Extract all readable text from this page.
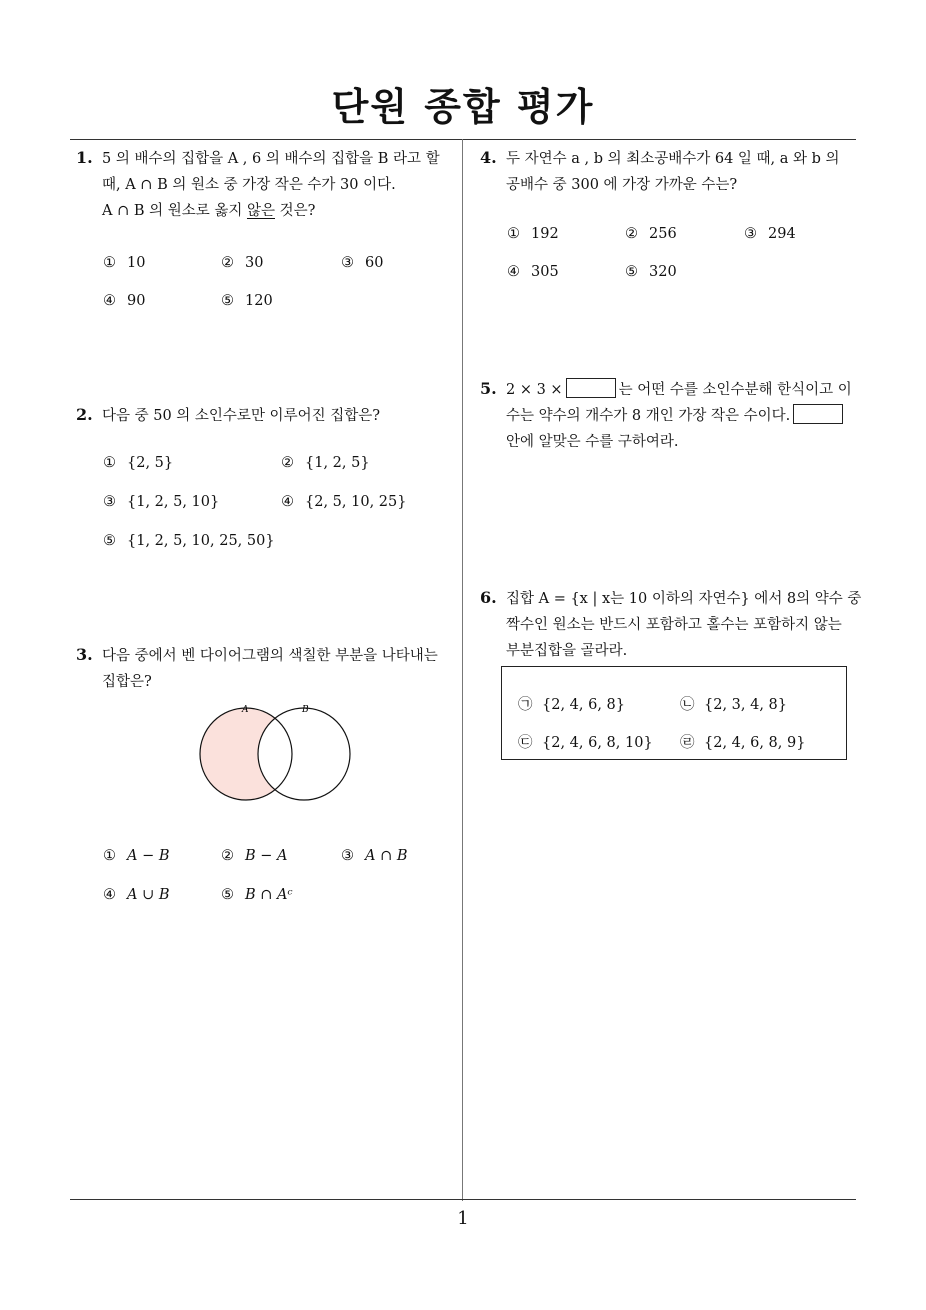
단원 종합 평가
1
1. 5 의 배수의 집합을 A , 6 의 배수의 집합을 B 라고 할
때, A ∩ B 의 원소 중 가장 작은 수가 30 이다.
A ∩ B 의 원소로 옳지 않은 것은?
① 10	② 30	③ 60
④ 90	⑤ 120
2. 다음 중 50 의 소인수로만 이루어진 집합은?
① {2, 5}	② {1, 2, 5}
③ {1, 2, 5, 10}	④ {2, 5, 10, 25}
⑤ {1, 2, 5, 10, 25, 50}
3. 다음 중에서 벤 다이어그램의 색칠한 부분을 나타내는
집합은?
A	B
① A − B	② B − A	③ A ∩ B
④ A ∪ B	⑤ B ∩ Aᶜ
4. 두 자연수 a , b 의 최소공배수가 64 일 때, a 와 b 의
공배수 중 300 에 가장 가까운 수는?
① 192	② 256	③ 294
④ 305	⑤ 320
5. 2 × 3 ×	는 어떤 수를 소인수분해 한식이고 이
수는 약수의 개수가 8 개인 가장 작은 수이다.
안에 알맞은 수를 구하여라.
6. 집합 A = {x | x는 10 이하의 자연수} 에서 8의 약수 중
짝수인 원소는 반드시 포함하고 홀수는 포함하지 않는
부분집합을 골라라.
㉠ {2, 4, 6, 8}	㉡ {2, 3, 4, 8}
㉢ {2, 4, 6, 8, 10} ㉣ {2, 4, 6, 8, 9}
